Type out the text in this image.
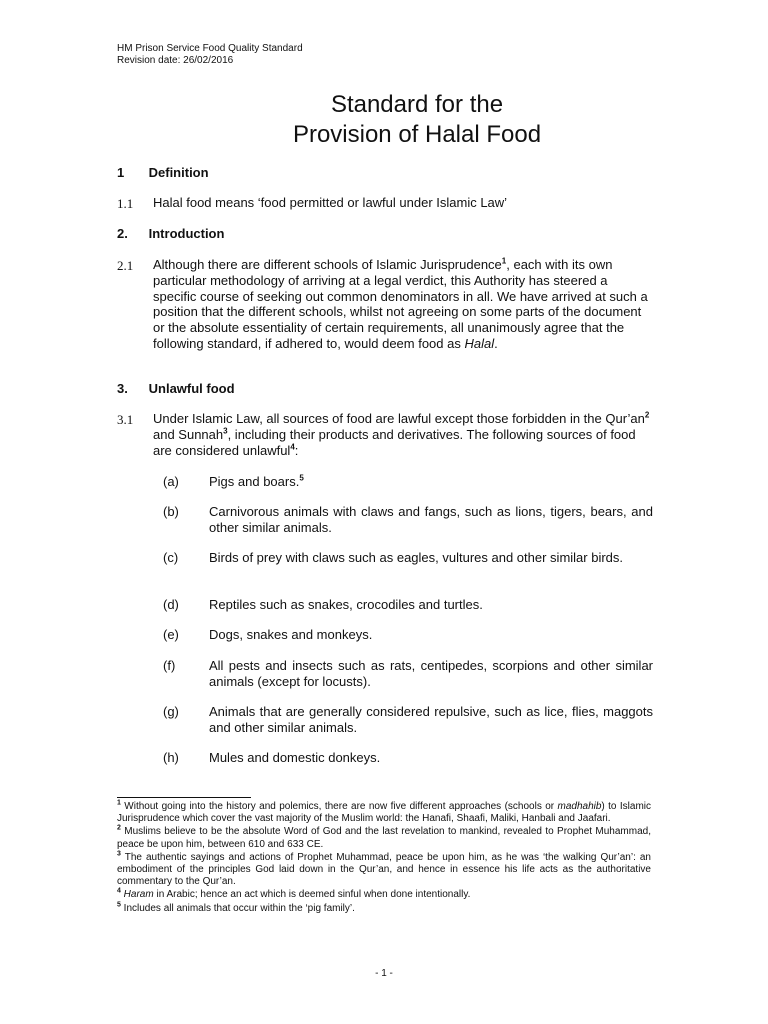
HM Prison Service Food Quality Standard
Revision date: 26/02/2016
Standard for the
Provision of Halal Food
1 Definition
1.1 Halal food means ‘food permitted or lawful under Islamic Law’
2. Introduction
2.1 Although there are different schools of Islamic Jurisprudence$^1$, each with its own particular methodology of arriving at a legal verdict, this Authority has steered a specific course of seeking out common denominators in all. We have arrived at such a position that the different schools, whilst not agreeing on some parts of the document or the absolute essentiality of certain requirements, all unanimously agree that the following standard, if adhered to, would deem food as Halal.
3. Unlawful food
3.1 Under Islamic Law, all sources of food are lawful except those forbidden in the $Qur’an^2$ and Sunnah$^3$, including their products and derivatives. The following sources of food are considered unlawful$^4$:
(a)	Pigs and boars.$^5$
(b)	Carnivorous animals with claws and fangs, such as lions, tigers, bears, and other similar animals.
(c)	Birds of prey with claws such as eagles, vultures and other similar birds.
(d)	Reptiles such as snakes, crocodiles and turtles.
(e)	Dogs, snakes and monkeys.
(f)	All pests and insects such as rats, centipedes, scorpions and other similar animals (except for locusts).
(g)	Animals that are generally considered repulsive, such as lice, flies, maggots and other similar animals.
(h)	Mules and domestic donkeys.
$^1$ Without going into the history and polemics, there are now five different approaches (schools or madhahib) to Islamic Jurisprudence which cover the vast majority of the Muslim world: the Hanafi, Shaafi, Maliki, Hanbali and Jaafari.
$^2$ Muslims believe to be the absolute Word of God and the last revelation to mankind, revealed to Prophet Muhammad, peace be upon him, between 610 and 633 CE.
$^3$ The authentic sayings and actions of Prophet Muhammad, peace be upon him, as he was ‘the walking Qur’an’: an embodiment of the principles God laid down in the Qur’an, and hence in essence his life acts as the authoritative commentary to the Qur’an.
$^4$ Haram in Arabic; hence an act which is deemed sinful when done intentionally.
$^5$ Includes all animals that occur within the ‘pig family’.
- 1 -
